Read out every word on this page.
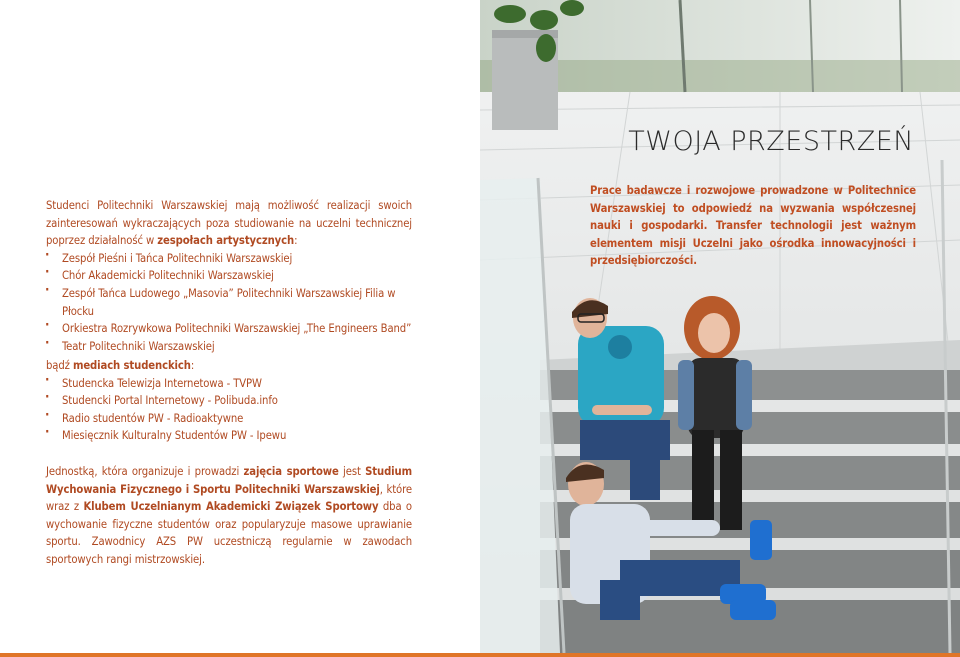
Studenci Politechniki Warszawskiej mają możliwość realizacji swoich zainteresowań wykraczających poza studiowanie na uczelni technicznej poprzez działalność w zespołach artystycznych:

· Zespół Pieśni i Tańca Politechniki Warszawskiej
· Chór Akademicki Politechniki Warszawskiej
· Zespół Tańca Ludowego „Masovia” Politechniki Warszawskiej Filia w Płocku
· Orkiestra Rozrywkowa Politechniki Warszawskiej „The Engineers Band”
· Teatr Politechniki Warszawskiej

bądź mediach studenckich:

· Studencka Telewizja Internetowa - TVPW
· Studencki Portal Internetowy - Polibuda.info
· Radio studentów PW - Radioaktywne
· Miesięcznik Kulturalny Studentów PW - Ipewu

Jednostką, która organizuje i prowadzi zajęcia sportowe jest Studium Wychowania Fizycznego i Sportu Politechniki Warszawskiej, które wraz z Klubem Uczelnianym Akademicki Związek Sportowy dba o wychowanie fizyczne studentów oraz popularyzuje masowe uprawianie sportu. Zawodnicy AZS PW uczestniczą regularnie w zawodach sportowych rangi mistrzowskiej.

TWOJA PRZESTRZEŃ
Prace badawcze i rozwojowe prowadzone w Politechnice Warszawskiej to odpowiedź na wyzwania współczesnej nauki i gospodarki. Transfer technologii jest ważnym elementem misji Uczelni jako ośrodka innowacyjności i przedsiębiorczości.
